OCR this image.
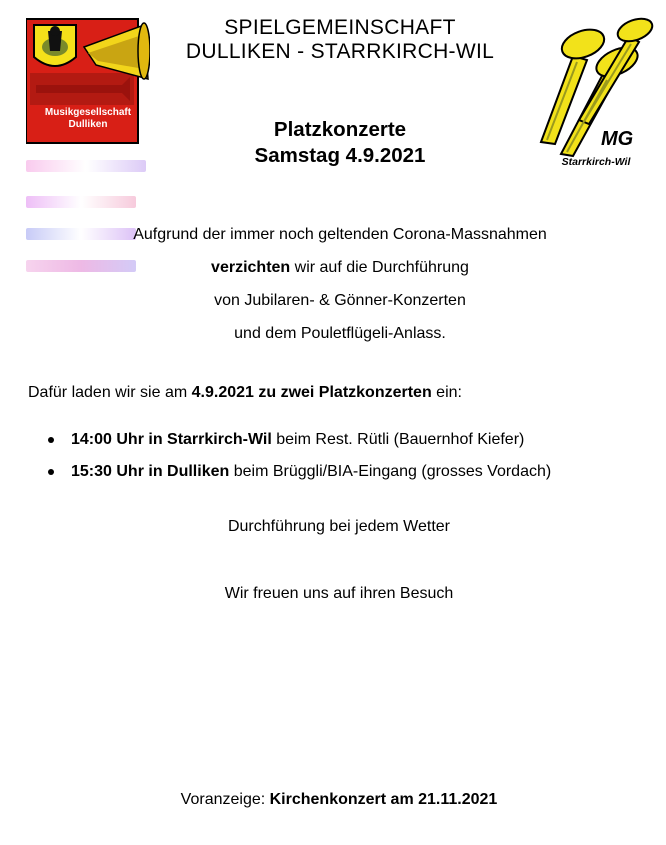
Musikgesellschaft
Dulliken
SPIELGEMEINSCHAFT
DULLIKEN - STARRKIRCH-WIL
Platzkonzerte
Samstag 4.9.2021
MG
Starrkirch-Wil
Aufgrund der immer noch geltenden Corona-Massnahmen
verzichten wir auf die Durchführung
von Jubilaren- & Gönner-Konzerten
und dem Pouletflügeli-Anlass.
Dafür laden wir sie am 4.9.2021 zu zwei Platzkonzerten ein:
14:00 Uhr in Starrkirch-Wil beim Rest. Rütli (Bauernhof Kiefer)
15:30 Uhr in Dulliken beim Brüggli/BIA-Eingang (grosses Vordach)
Durchführung bei jedem Wetter
Wir freuen uns auf ihren Besuch
Voranzeige: Kirchenkonzert am 21.11.2021
